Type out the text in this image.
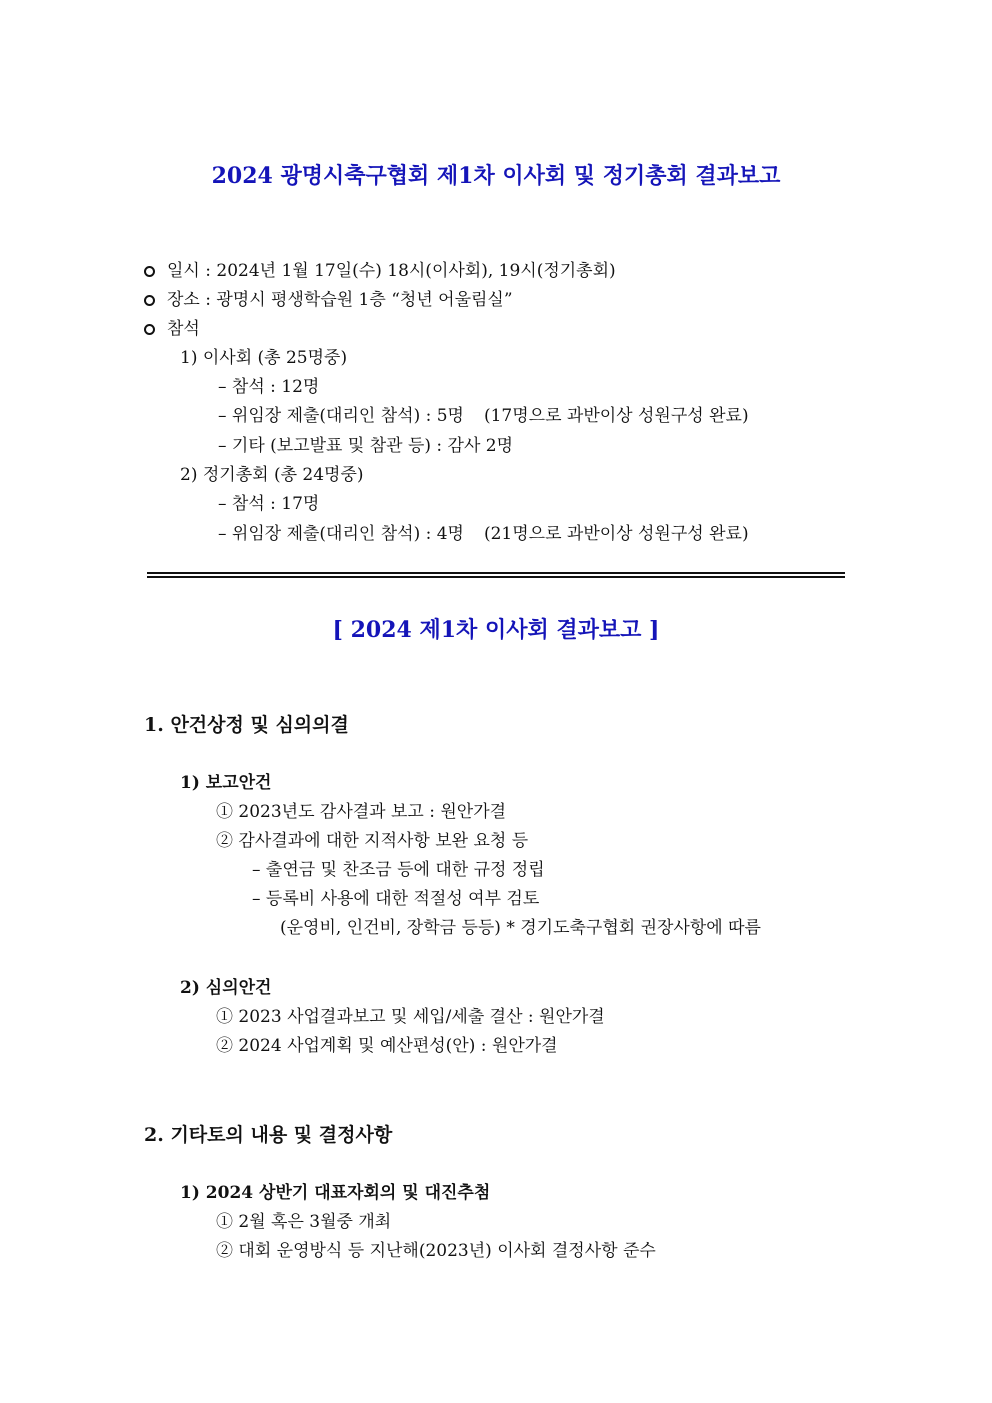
2024 광명시축구협회 제1차 이사회 및 정기총회 결과보고
일시 : 2024년 1월 17일(수) 18시(이사회), 19시(정기총회)
장소 : 광명시 평생학습원 1층 “청년 어울림실”
참석
1) 이사회 (총 25명중)
– 참석 : 12명
– 위임장 제출(대리인 참석) : 5명 (17명으로 과반이상 성원구성 완료)
– 기타 (보고발표 및 참관 등) : 감사 2명
2) 정기총회 (총 24명중)
– 참석 : 17명
– 위임장 제출(대리인 참석) : 4명 (21명으로 과반이상 성원구성 완료)
[ 2024 제1차 이사회 결과보고 ]
1. 안건상정 및 심의의결
1) 보고안건
① 2023년도 감사결과 보고 : 원안가결
② 감사결과에 대한 지적사항 보완 요청 등
– 출연금 및 찬조금 등에 대한 규정 정립
– 등록비 사용에 대한 적절성 여부 검토
(운영비, 인건비, 장학금 등등) * 경기도축구협회 권장사항에 따름
2) 심의안건
① 2023 사업결과보고 및 세입/세출 결산 : 원안가결
② 2024 사업계획 및 예산편성(안) : 원안가결
2. 기타토의 내용 및 결정사항
1) 2024 상반기 대표자회의 및 대진추첨
① 2월 혹은 3월중 개최
② 대회 운영방식 등 지난해(2023년) 이사회 결정사항 준수
